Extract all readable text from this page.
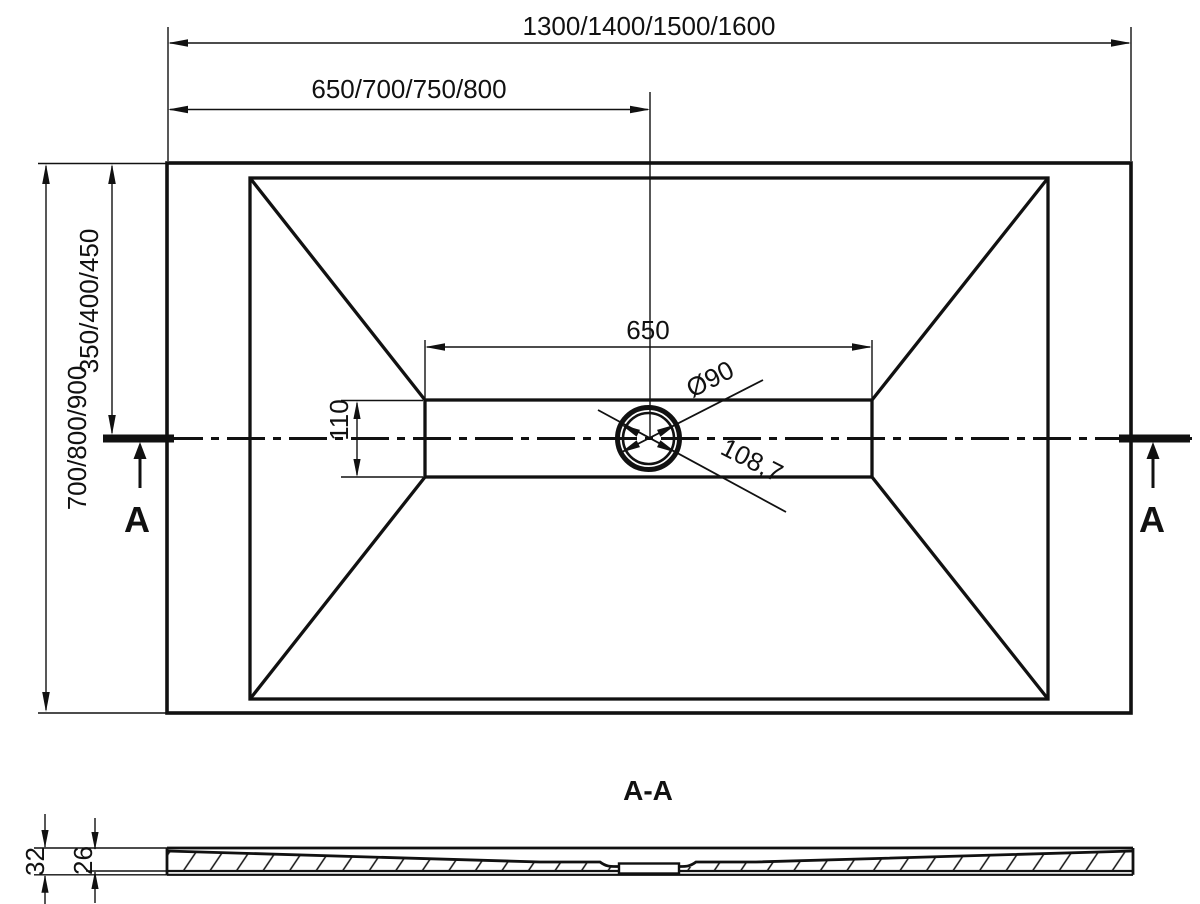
1300/1400/1500/1600
650/700/750/800
700/800/900
350/400/450	650
110
Ø90
108,7
A	A
A-A
32 26
